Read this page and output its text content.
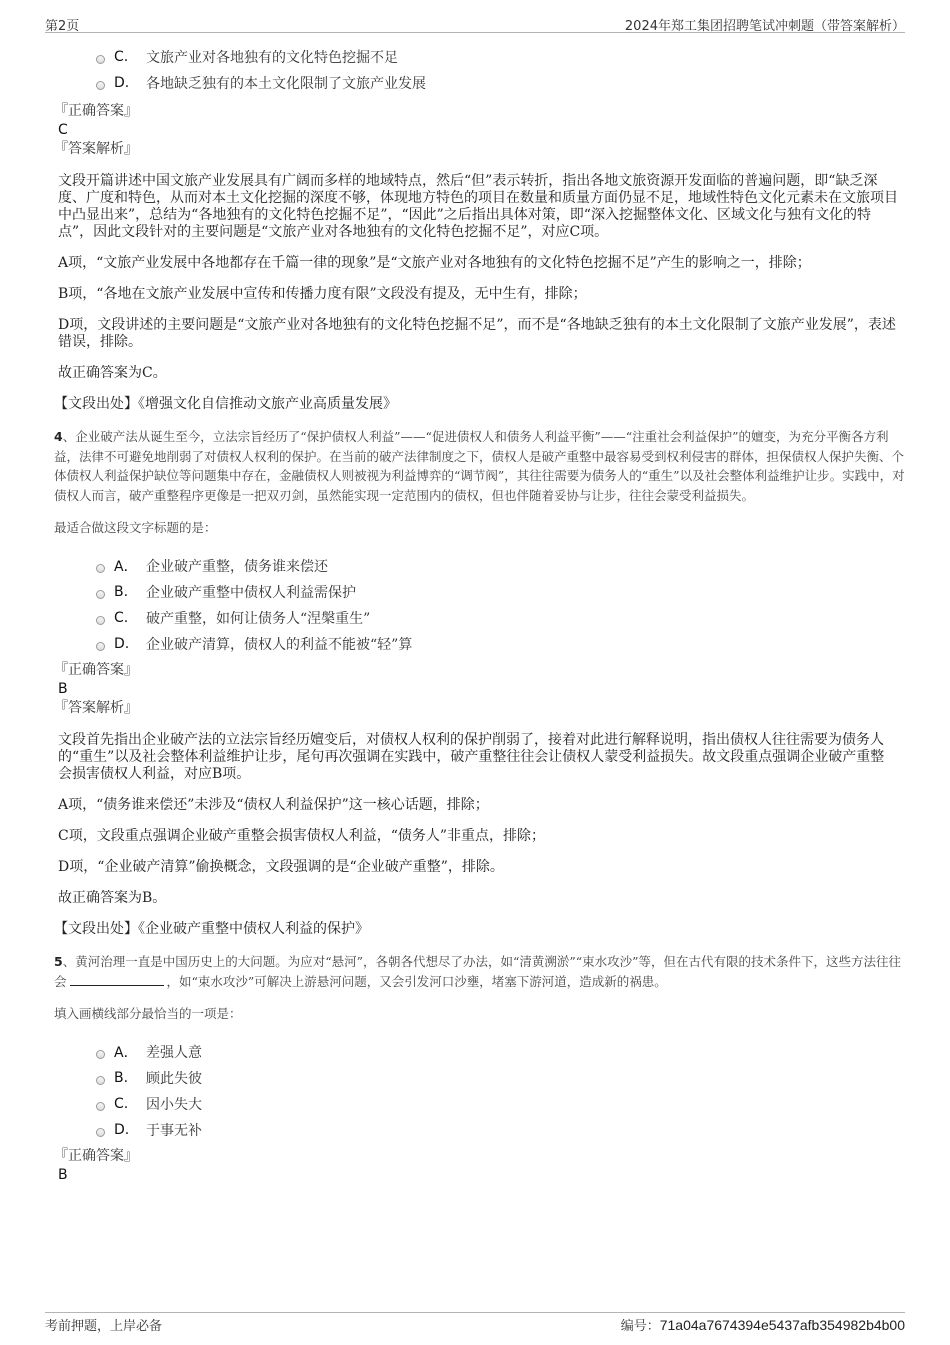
第2页	2024年郑工集团招聘笔试冲刺题（带答案解析）
C.	文旅产业对各地独有的文化特色挖掘不足
D.	各地缺乏独有的本土文化限制了文旅产业发展
『正确答案』
C
『答案解析』

文段开篇讲述中国文旅产业发展具有广阔而多样的地域特点，然后“但”表示转折，指出各地文旅资源开发面临的普遍问题，即“缺乏深度、广度和特色，从而对本土文化挖掘的深度不够，体现地方特色的项目在数量和质量方面仍显不足，地域性特色文化元素未在文旅项目中凸显出来”，总结为“各地独有的文化特色挖掘不足”，“因此”之后指出具体对策，即“深入挖掘整体文化、区域文化与独有文化的特点”，因此文段针对的主要问题是“文旅产业对各地独有的文化特色挖掘不足”，对应C项。

A项，“文旅产业发展中各地都存在千篇一律的现象”是“文旅产业对各地独有的文化特色挖掘不足”产生的影响之一，排除；

B项，“各地在文旅产业发展中宣传和传播力度有限”文段没有提及，无中生有，排除；

D项，文段讲述的主要问题是“文旅产业对各地独有的文化特色挖掘不足”，而不是“各地缺乏独有的本土文化限制了文旅产业发展”，表述错误，排除。

故正确答案为C。

【文段出处】《增强文化自信推动文旅产业高质量发展》
4、企业破产法从诞生至今，立法宗旨经历了“保护债权人利益”——“促进债权人和债务人利益平衡”——“注重社会利益保护”的嬗变，为充分平衡各方利益，法律不可避免地削弱了对债权人权利的保护。在当前的破产法律制度之下，债权人是破产重整中最容易受到权利侵害的群体，担保债权人保护失衡、个体债权人利益保护缺位等问题集中存在，金融债权人则被视为利益博弈的“调节阀”，其往往需要为债务人的“重生”以及社会整体利益维护让步。实践中，对债权人而言，破产重整程序更像是一把双刃剑，虽然能实现一定范围内的债权，但也伴随着妥协与让步，往往会蒙受利益损失。
最适合做这段文字标题的是：
A． 企业破产重整，债务谁来偿还
B.	企业破产重整中债权人利益需保护
C.	破产重整，如何让债务人“涅槃重生”
D.	企业破产清算，债权人的利益不能被“轻”算
『正确答案』
B
『答案解析』

文段首先指出企业破产法的立法宗旨经历嬗变后，对债权人权利的保护削弱了，接着对此进行解释说明，指出债权人往往需要为债务人的“重生”以及社会整体利益维护让步，尾句再次强调在实践中，破产重整往往会让债权人蒙受利益损失。故文段重点强调企业破产重整会损害债权人利益，对应B项。

A项，“债务谁来偿还”未涉及“债权人利益保护”这一核心话题，排除；

C项，文段重点强调企业破产重整会损害债权人利益，“债务人”非重点，排除；

D项，“企业破产清算”偷换概念，文段强调的是“企业破产重整”，排除。

故正确答案为B。

【文段出处】《企业破产重整中债权人利益的保护》
5、黄河治理一直是中国历史上的大问题。为应对“悬河”，各朝各代想尽了办法，如“清黄溯淤”“束水攻沙”等，但在古代有限的技术条件下，这些方法往往会	，如“束水攻沙”可解决上游悬河问题，又会引发河口沙壅，堵塞下游河道，造成新的祸患。
填入画横线部分最恰当的一项是：
A． 差强人意
B.	顾此失彼
C.	因小失大
D.	于事无补
『正确答案』
B
考前押题，上岸必备	编号：71a04a7674394e5437afb354982b4b00
